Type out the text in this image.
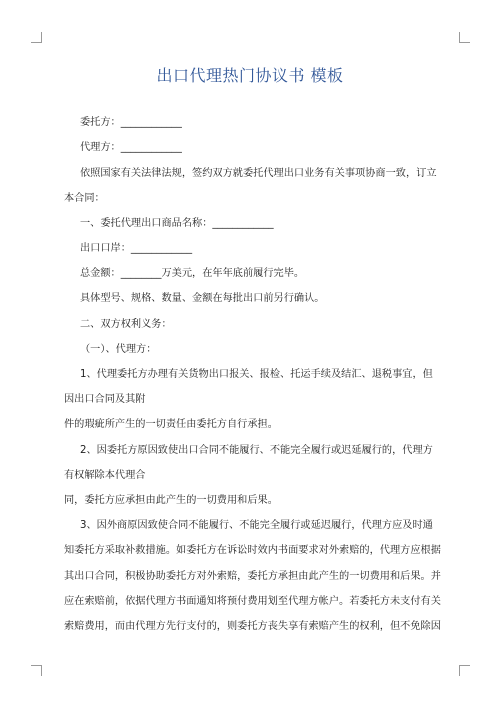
出口代理热门协议书 模板
委托方：____________
代理方：____________
依照国家有关法律法规，签约双方就委托代理出口业务有关事项协商一致，订立
本合同：
一、委托代理出口商品名称：____________
出口口岸：____________
总金额：________万美元，在年年底前履行完毕。
具体型号、规格、数量、金额在每批出口前另行确认。
二、双方权利义务：
（一）、代理方：
1、代理委托方办理有关货物出口报关、报检、托运手续及结汇、退税事宜，但
因出口合同及其附
件的瑕疵所产生的一切责任由委托方自行承担。
2、因委托方原因致使出口合同不能履行、不能完全履行或迟延履行的，代理方
有权解除本代理合
同，委托方应承担由此产生的一切费用和后果。
3、因外商原因致使合同不能履行、不能完全履行或延迟履行，代理方应及时通
知委托方采取补救措施。如委托方在诉讼时效内书面要求对外索赔的，代理方应根据
其出口合同，积极协助委托方对外索赔，委托方承担由此产生的一切费用和后果。并
应在索赔前，依据代理方书面通知将预付费用划至代理方帐户。若委托方未支付有关
索赔费用，而由代理方先行支付的，则委托方丧失享有索赔产生的权利，但不免除因
